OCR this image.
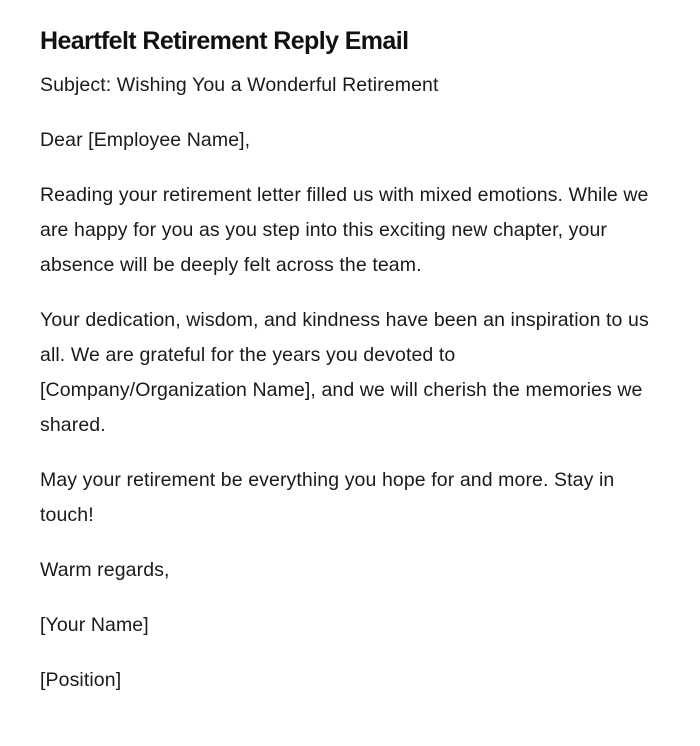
Heartfelt Retirement Reply Email

Subject: Wishing You a Wonderful Retirement

Dear [Employee Name],

Reading your retirement letter filled us with mixed emotions. While we are happy for you as you step into this exciting new chapter, your absence will be deeply felt across the team.

Your dedication, wisdom, and kindness have been an inspiration to us all. We are grateful for the years you devoted to [Company/Organization Name], and we will cherish the memories we shared.

May your retirement be everything you hope for and more. Stay in touch!

Warm regards,

[Your Name]

[Position]
